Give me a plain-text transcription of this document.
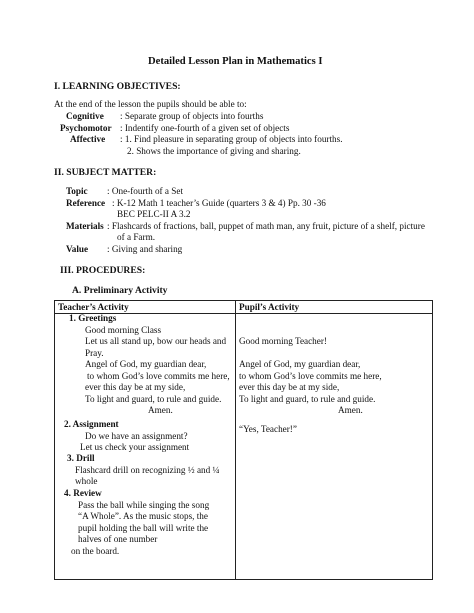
Detailed Lesson Plan in Mathematics I
I. LEARNING OBJECTIVES:
At the end of the lesson the pupils should be able to:
Cognitive : Separate group of objects into fourths
Psychomotor : Indentify one-fourth of a given set of objects
Affective : 1. Find pleasure in separating group of objects into fourths.
2. Shows the importance of giving and sharing.
II. SUBJECT MATTER:
Topic : One-fourth of a Set
Reference : K-12 Math 1 teacher’s Guide (quarters 3 & 4) Pp. 30 -36
BEC PELC-II A 3.2
Materials : Flashcards of fractions, ball, puppet of math man, any fruit, picture of a shelf, picture
of a Farm.
Value : Giving and sharing
III. PROCEDURES:
A. Preliminary Activity
Teacher’s Activity	Pupil’s Activity
1. Greetings
Good morning Class
Let us all stand up, bow our heads and
Pray.
Angel of God, my guardian dear,
to whom God’s love commits me here,
ever this day be at my side,
To light and guard, to rule and guide.
Amen.
2. Assignment
Do we have an assignment?
Let us check your assignment
3. Drill
Flashcard drill on recognizing ½ and ¼
whole
4. Review
Pass the ball while singing the song
“A Whole”. As the music stops, the
pupil holding the ball will write the
halves of one number
on the board.
Good morning Teacher!
Angel of God, my guardian dear,
to whom God’s love commits me here,
ever this day be at my side,
To light and guard, to rule and guide.
Amen.
“Yes, Teacher!”
